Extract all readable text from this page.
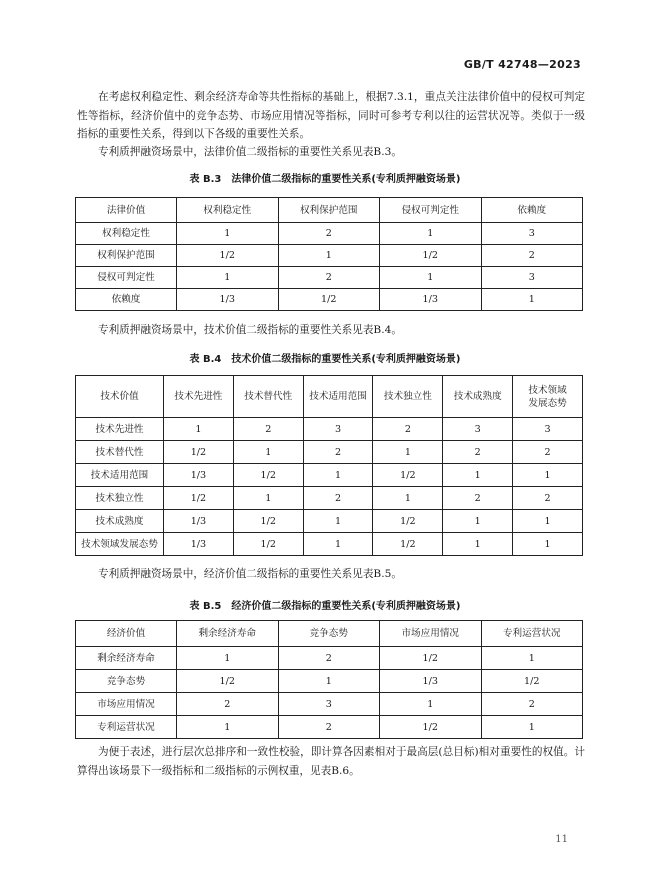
GB/T 42748—2023

在考虑权利稳定性、剩余经济寿命等共性指标的基础上，根据7.3.1，重点关注法律价值中的侵权可判定性等指标，经济价值中的竞争态势、市场应用情况等指标，同时可参考专利以往的运营状况等。类似于一级指标的重要性关系，得到以下各级的重要性关系。

专利质押融资场景中，法律价值二级指标的重要性关系见表B.3。

表 B.3　法律价值二级指标的重要性关系(专利质押融资场景)
法律价值	权利稳定性	权利保护范围	侵权可判定性	依赖度
权利稳定性	1	2	1	3
权利保护范围	1/2	1	1/2	2
侵权可判定性	1	2	1	3
依赖度	1/3	1/2	1/3	1

专利质押融资场景中，技术价值二级指标的重要性关系见表B.4。

表 B.4　技术价值二级指标的重要性关系(专利质押融资场景)
技术价值	技术先进性	技术替代性	技术适用范围	技术独立性	技术成熟度	技术领域
发展态势
技术先进性	1	2	3	2	3	3
技术替代性	1/2	1	2	1	2	2
技术适用范围	1/3	1/2	1	1/2	1	1
技术独立性	1/2	1	2	1	2	2
技术成熟度	1/3	1/2	1	1/2	1	1
技术领域发展态势	1/3	1/2	1	1/2	1	1

专利质押融资场景中，经济价值二级指标的重要性关系见表B.5。

表 B.5　经济价值二级指标的重要性关系(专利质押融资场景)
经济价值	剩余经济寿命	竞争态势	市场应用情况	专利运营状况
剩余经济寿命	1	2	1/2	1
竞争态势	1/2	1	1/3	1/2
市场应用情况	2	3	1	2
专利运营状况	1	2	1/2	1

为便于表述，进行层次总排序和一致性校验，即计算各因素相对于最高层(总目标)相对重要性的权值。计算得出该场景下一级指标和二级指标的示例权重，见表B.6。

11
